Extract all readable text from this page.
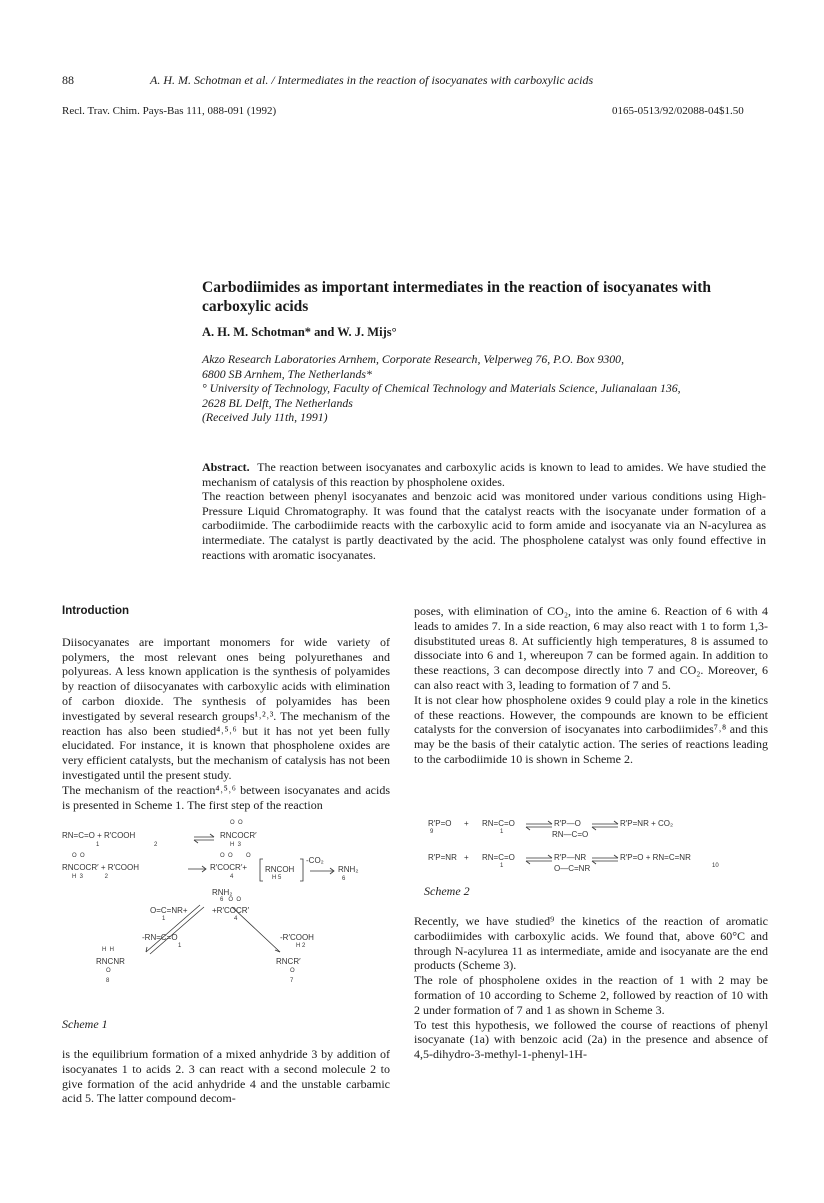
88	A. H. M. Schotman et al. / Intermediates in the reaction of isocyanates with carboxylic acids
Recl. Trav. Chim. Pays-Bas 111, 088-091 (1992)	0165-0513/92/02088-04$1.50
Carbodiimides as important intermediates in the reaction of isocyanates with carboxylic acids
A. H. M. Schotman* and W. J. Mijs°
Akzo Research Laboratories Arnhem, Corporate Research, Velperweg 76, P.O. Box 9300,
6800 SB Arnhem, The Netherlands*
° University of Technology, Faculty of Chemical Technology and Materials Science, Julianalaan 136,
2628 BL Delft, The Netherlands
(Received July 11th, 1991)
Abstract. The reaction between isocyanates and carboxylic acids is known to lead to amides. We have studied the mechanism of catalysis of this reaction by phospholene oxides.
The reaction between phenyl isocyanates and benzoic acid was monitored under various conditions using High-Pressure Liquid Chromatography. It was found that the catalyst reacts with the isocyanate under formation of a carbodiimide. The carbodiimide reacts with the carboxylic acid to form amide and isocyanate via an N-acylurea as intermediate. The catalyst is partly deactivated by the acid. The phospholene catalyst was only found effective in reactions with aromatic isocyanates.
Introduction

Diisocyanates are important monomers for wide variety of polymers, the most relevant ones being polyurethanes and polyureas. A less known application is the synthesis of polyamides by reaction of diisocyanates with carboxylic acids with elimination of carbon dioxide. The synthesis of polyamides has been investigated by several research groups¹˒²˒³. The mechanism of the reaction has also been studied⁴˒⁵˒⁶ but it has not yet been fully elucidated. For instance, it is known that phospholene oxides are very efficient catalysts, but the mechanism of catalysis has not been investigated until the present study.

The mechanism of the reaction⁴˒⁵˒⁶ between isocyanates and acids is presented in Scheme 1. The first step of the reaction

RN=C=O + R′COOH
1	2
O  O
RNCOCR′
H  3
O  O
RNCOCR′ + R′COOH
H  3             2
O  O        O
R′COCR′+
4
RNCOH
H 5
-CO₂
RNH₂
6
RNH₂
6   O  O
O=C=NR+
1
+R′COCR′
4
-RN=C=O
1
-R′COOH
H 2
H  H
RNCNR
O
8
RNCR′
O
7
Scheme 1

is the equilibrium formation of a mixed anhydride 3 by addition of isocyanates 1 to acids 2. 3 can react with a second molecule 2 to give formation of the acid anhydride 4 and the unstable carbamic acid 5. The latter compound decom-

poses, with elimination of CO₂, into the amine 6. Reaction of 6 with 4 leads to amides 7. In a side reaction, 6 may also react with 1 to form 1,3-disubstituted ureas 8. At sufficiently high temperatures, 8 is assumed to dissociate into 6 and 1, whereupon 7 can be formed again. In addition to these reactions, 3 can decompose directly into 7 and CO₂. Moreover, 6 can also react with 3, leading to formation of 7 and 5.

It is not clear how phospholene oxides 9 could play a role in the kinetics of these reactions. However, the compounds are known to be efficient catalysts for the conversion of isocyanates into carbodiimides⁷˒⁸ and this may be the basis of their catalytic action. The series of reactions leading to the carbodiimide 10 is shown in Scheme 2.

R′P=O
9
+ RN=C=O
1
R′P—O
RN—C=O
R′P=NR + CO₂
R′P=NR + RN=C=O
1
R′P—NR
O—C=NR
R′P=O + RN=C=NR
10
Scheme 2

Recently, we have studied⁹ the kinetics of the reaction of aromatic carbodiimides with carboxylic acids. We found that, above 60°C and through N-acylurea 11 as intermediate, amide and isocyanate are the end products (Scheme 3).

The role of phospholene oxides in the reaction of 1 with 2 may be formation of 10 according to Scheme 2, followed by reaction of 10 with 2 under formation of 7 and 1 as shown in Scheme 3.

To test this hypothesis, we followed the course of reactions of phenyl isocyanate (1a) with benzoic acid (2a) in the presence and absence of 4,5-dihydro-3-methyl-1-phenyl-1H-
